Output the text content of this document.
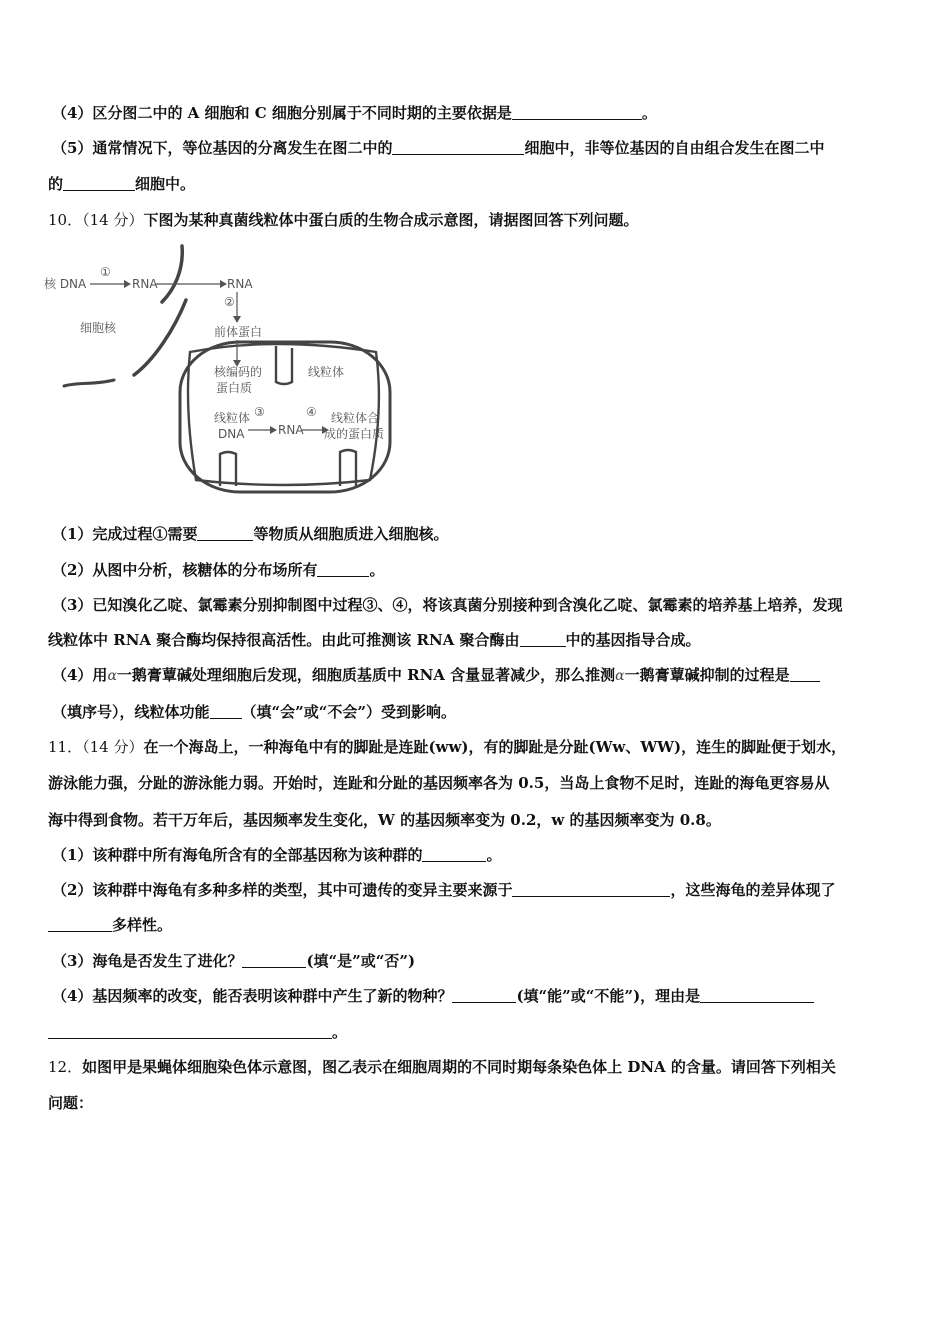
（4）区分图二中的 A 细胞和 C 细胞分别属于不同时期的主要依据是	。
（5）通常情况下，等位基因的分离发生在图二中的	细胞中，非等位基因的自由组合发生在图二中
的	细胞中。
10．（14 分）下图为某种真菌线粒体中蛋白质的生物合成示意图，请据图回答下列问题。
核 DNA
①
RNA	RNA
②
前体蛋白
细胞核
核编码的
蛋白质
线粒体
线粒体
DNA
③
RNA
④ 线粒体合
成的蛋白质
（1）完成过程①需要	等物质从细胞质进入细胞核。
（2）从图中分析，核糖体的分布场所有	。
（3）已知溴化乙啶、氯霉素分别抑制图中过程③、④，将该真菌分别接种到含溴化乙啶、氯霉素的培养基上培养，发现
线粒体中 RNA 聚合酶均保持很高活性。由此可推测该 RNA 聚合酶由	中的基因指导合成。
（4）用α一鹅膏蕈碱处理细胞后发现，细胞质基质中 RNA 含量显著减少，那么推测α一鹅膏蕈碱抑制的过程是
（填序号），线粒体功能 （填“会”或“不会”）受到影响。
11．（14 分）在一个海岛上，一种海龟中有的脚趾是连趾(ww)，有的脚趾是分趾(Ww、WW)，连生的脚趾便于划水，
游泳能力强，分趾的游泳能力弱。开始时，连趾和分趾的基因频率各为 0.5，当岛上食物不足时，连趾的海龟更容易从
海中得到食物。若干万年后，基因频率发生变化，W 的基因频率变为 0.2，w 的基因频率变为 0.8。
（1）该种群中所有海龟所含有的全部基因称为该种群的	。
（2）该种群中海龟有多种多样的类型，其中可遗传的变异主要来源于	，这些海龟的差异体现了
多样性。
（3）海龟是否发生了进化？	(填“是”或“否”)
（4）基因频率的改变，能否表明该种群中产生了新的物种？	(填“能”或“不能”)，理由是
。
12．如图甲是果蝇体细胞染色体示意图，图乙表示在细胞周期的不同时期每条染色体上 DNA 的含量。请回答下列相关
问题：
